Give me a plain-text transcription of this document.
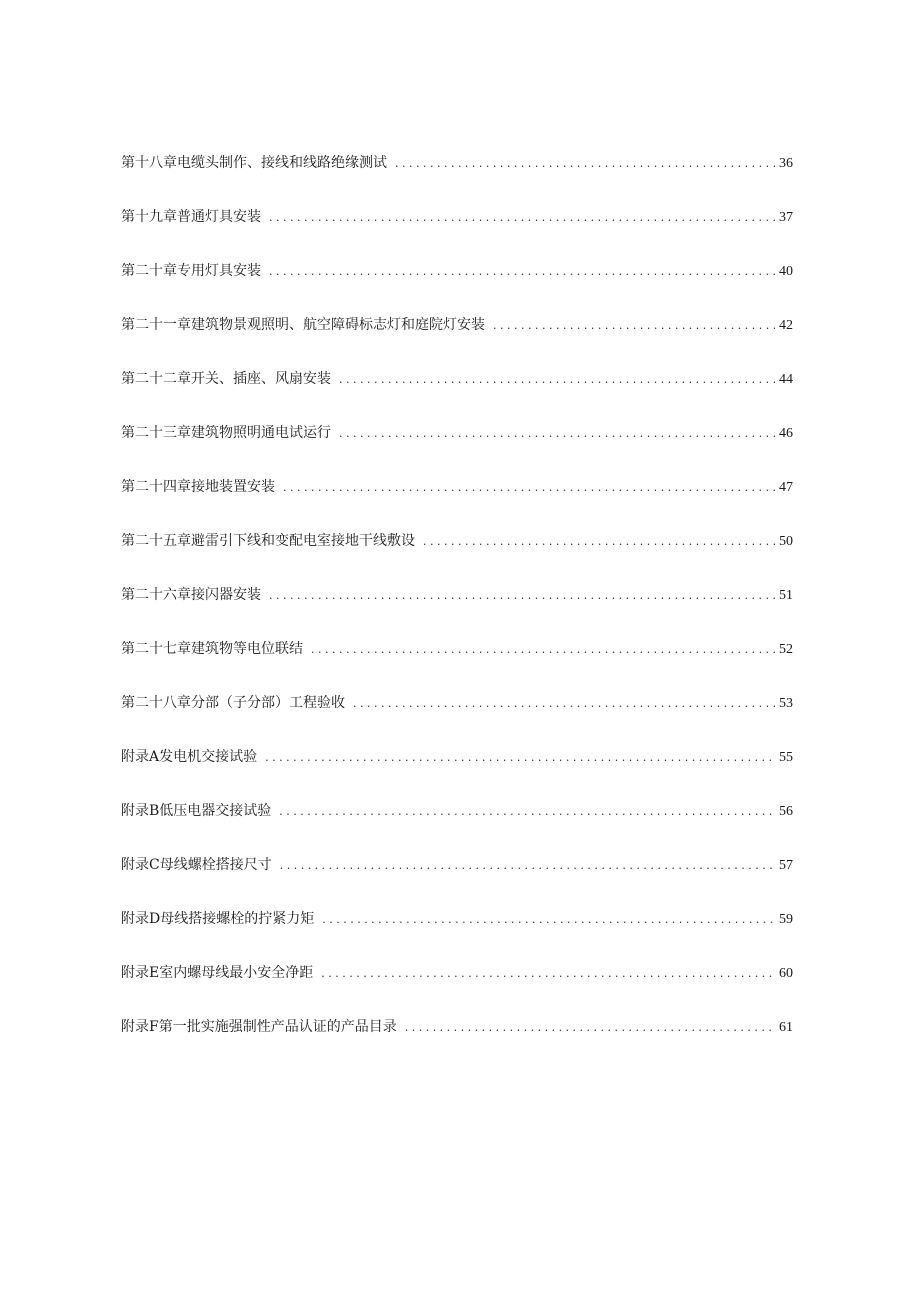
第十八章电缆头制作、接线和线路绝缘测试 . . .	36
第十九章普通灯具安装 . . .	37
第二十章专用灯具安装 . . .	40
第二十一章建筑物景观照明、航空障碍标志灯和庭院灯安装 . . .	42
第二十二章开关、插座、风扇安装 . . .	44
第二十三章建筑物照明通电试运行 . . .	46
第二十四章接地装置安装 . . .	47
第二十五章避雷引下线和变配电室接地干线敷设 . . .	50
第二十六章接闪器安装 . . .	51
第二十七章建筑物等电位联结 . . .	52
第二十八章分部（子分部）工程验收 . . .	53
附录A发电机交接试验 . . .	55
附录B低压电器交接试验 . . .	56
附录C母线螺栓搭接尺寸 . . .	57
附录D母线搭接螺栓的拧紧力矩 . . .	59
附录E室内螺母线最小安全净距 . . .	60
附录F第一批实施强制性产品认证的产品目录 . . .	61
